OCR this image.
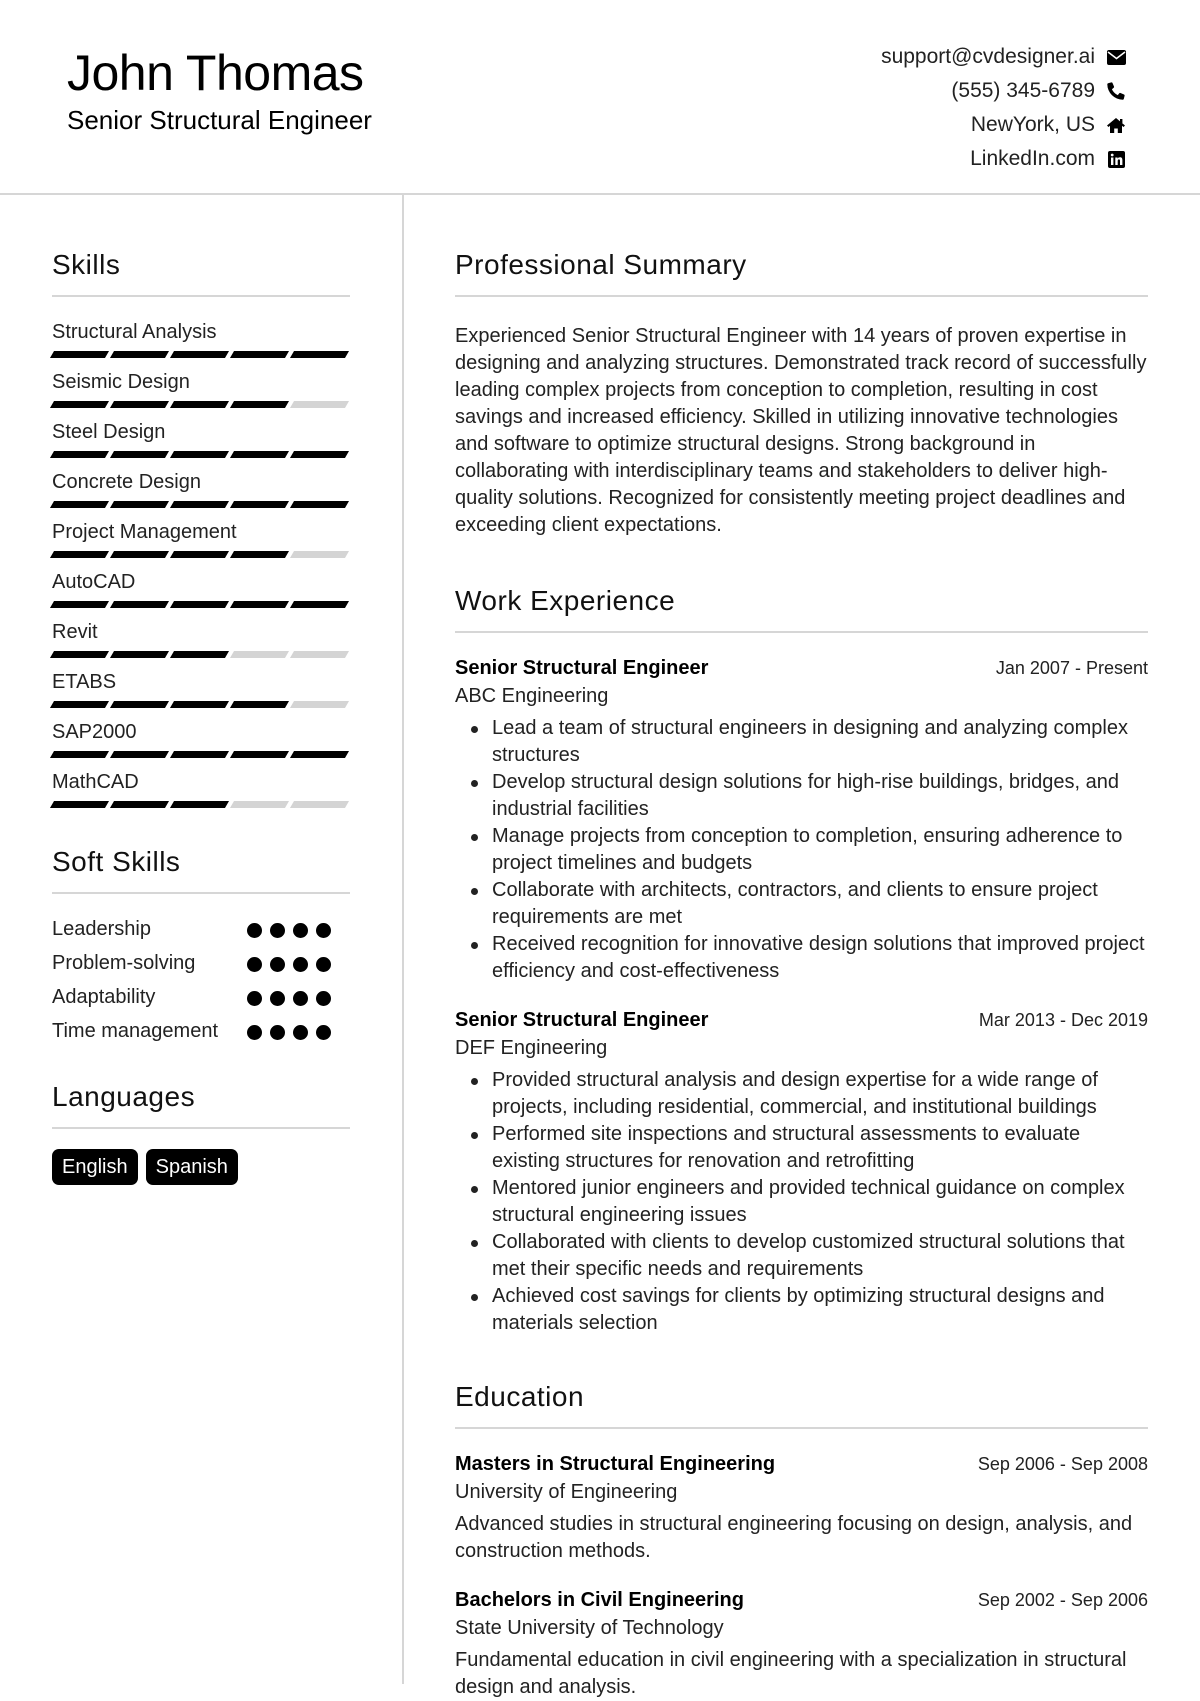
John Thomas
Senior Structural Engineer
support@cvdesigner.ai
(555) 345-6789
NewYork, US
LinkedIn.com
Skills
Structural Analysis
Seismic Design
Steel Design
Concrete Design
Project Management
AutoCAD
Revit
ETABS
SAP2000
MathCAD
Soft Skills
Leadership
Problem-solving
Adaptability
Time management
Languages
English	Spanish
Professional Summary
Experienced Senior Structural Engineer with 14 years of proven expertise in designing and analyzing structures. Demonstrated track record of successfully leading complex projects from conception to completion, resulting in cost savings and increased efficiency. Skilled in utilizing innovative technologies and software to optimize structural designs. Strong background in collaborating with interdisciplinary teams and stakeholders to deliver high-quality solutions. Recognized for consistently meeting project deadlines and exceeding client expectations.
Work Experience
Senior Structural Engineer	Jan 2007 - Present
ABC Engineering
Lead a team of structural engineers in designing and analyzing complex structures
Develop structural design solutions for high-rise buildings, bridges, and industrial facilities
Manage projects from conception to completion, ensuring adherence to project timelines and budgets
Collaborate with architects, contractors, and clients to ensure project requirements are met
Received recognition for innovative design solutions that improved project efficiency and cost-effectiveness
Senior Structural Engineer	Mar 2013 - Dec 2019
DEF Engineering
Provided structural analysis and design expertise for a wide range of projects, including residential, commercial, and institutional buildings
Performed site inspections and structural assessments to evaluate existing structures for renovation and retrofitting
Mentored junior engineers and provided technical guidance on complex structural engineering issues
Collaborated with clients to develop customized structural solutions that met their specific needs and requirements
Achieved cost savings for clients by optimizing structural designs and materials selection
Education
Masters in Structural Engineering	Sep 2006 - Sep 2008
University of Engineering
Advanced studies in structural engineering focusing on design, analysis, and construction methods.
Bachelors in Civil Engineering	Sep 2002 - Sep 2006
State University of Technology
Fundamental education in civil engineering with a specialization in structural design and analysis.
